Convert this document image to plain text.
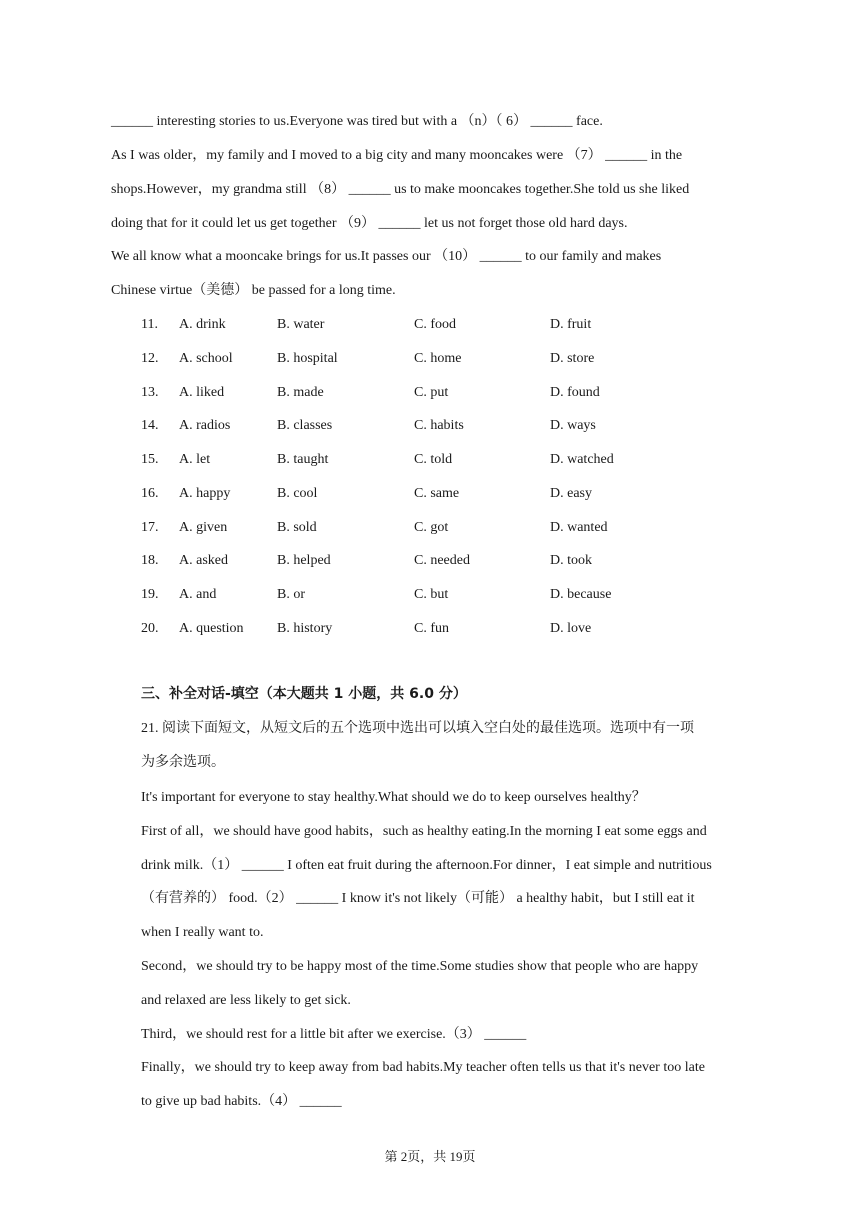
______ interesting stories to us.Everyone was tired but with a （n）（ 6） ______ face.
As I was older，my family and I moved to a big city and many mooncakes were （7） ______ in the
shops.However，my grandma still （8） ______ us to make mooncakes together.She told us she liked
doing that for it could let us get together （9） ______ let us not forget those old hard days.
We all know what a mooncake brings for us.It passes our （10） ______ to our family and makes
Chinese virtue（美德） be passed for a long time.
11. A. drink	B. water	C. food	D. fruit
12. A. school	B. hospital	C. home	D. store
13. A. liked	B. made	C. put	D. found
14. A. radios	B. classes	C. habits	D. ways
15. A. let	B. taught	C. told	D. watched
16. A. happy	B. cool	C. same	D. easy
17. A. given	B. sold	C. got	D. wanted
18. A. asked	B. helped	C. needed	D. took
19. A. and	B. or	C. but	D. because
20. A. question B. history	C. fun	D. love
三、补全对话-填空（本大题共 1 小题，共 6.0 分）
21. 阅读下面短文，从短文后的五个选项中选出可以填入空白处的最佳选项。选项中有一项
为多余选项。
It's important for everyone to stay healthy.What should we do to keep ourselves healthy？
First of all，we should have good habits，such as healthy eating.In the morning I eat some eggs and
drink milk.（1） ______ I often eat fruit during the afternoon.For dinner，I eat simple and nutritious
（有营养的） food.（2） ______ I know it's not likely（可能） a healthy habit，but I still eat it
when I really want to.
Second，we should try to be happy most of the time.Some studies show that people who are happy
and relaxed are less likely to get sick.
Third，we should rest for a little bit after we exercise.（3） ______
Finally，we should try to keep away from bad habits.My teacher often tells us that it's never too late
to give up bad habits.（4） ______
第 2页，共 19页
